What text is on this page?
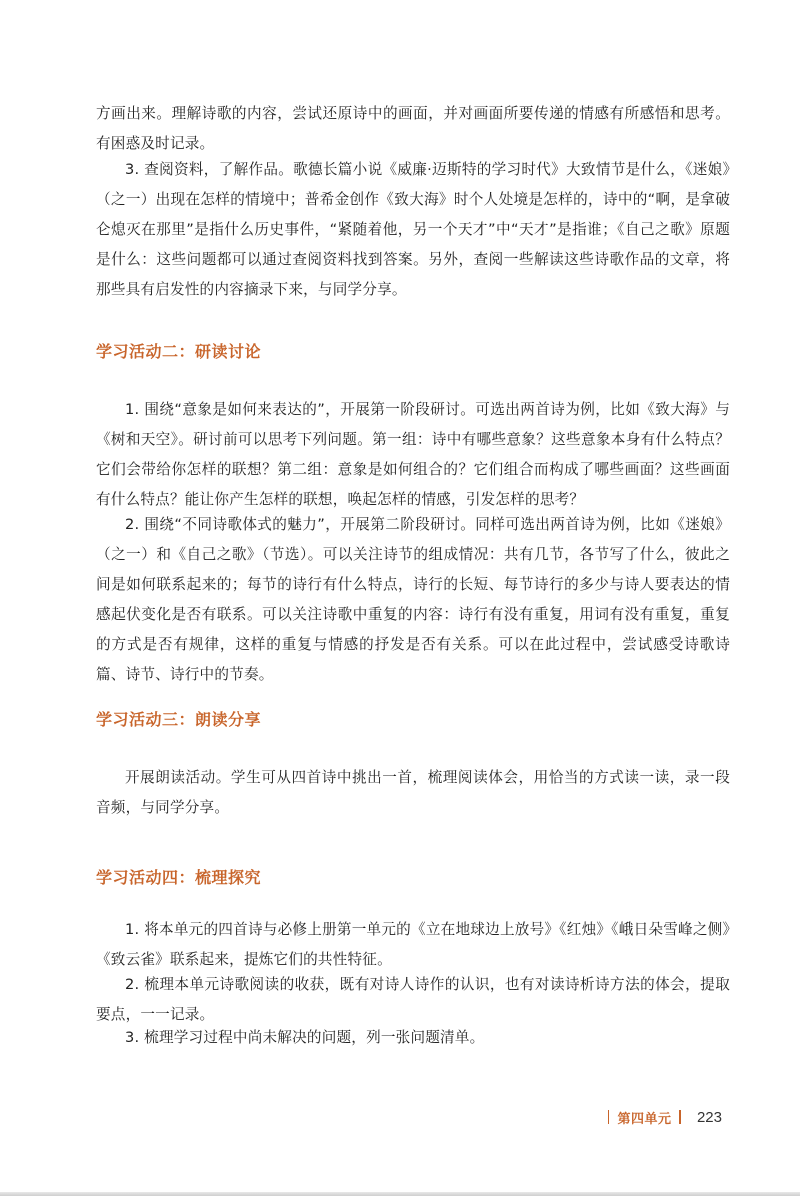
方画出来。理解诗歌的内容，尝试还原诗中的画面，并对画面所要传递的情感有所感悟和思考。有困惑及时记录。

3. 查阅资料，了解作品。歌德长篇小说《威廉·迈斯特的学习时代》大致情节是什么，《迷娘》（之一）出现在怎样的情境中；普希金创作《致大海》时个人处境是怎样的，诗中的“啊，是拿破仑熄灭在那里”是指什么历史事件，“紧随着他，另一个天才”中“天才”是指谁；《自己之歌》原题是什么：这些问题都可以通过查阅资料找到答案。另外，查阅一些解读这些诗歌作品的文章，将那些具有启发性的内容摘录下来，与同学分享。

学习活动二：研读讨论

1. 围绕“意象是如何来表达的”，开展第一阶段研讨。可选出两首诗为例，比如《致大海》与《树和天空》。研讨前可以思考下列问题。第一组：诗中有哪些意象？这些意象本身有什么特点？它们会带给你怎样的联想？第二组：意象是如何组合的？它们组合而构成了哪些画面？这些画面有什么特点？能让你产生怎样的联想，唤起怎样的情感，引发怎样的思考？

2. 围绕“不同诗歌体式的魅力”，开展第二阶段研讨。同样可选出两首诗为例，比如《迷娘》（之一）和《自己之歌》（节选）。可以关注诗节的组成情况：共有几节，各节写了什么，彼此之间是如何联系起来的；每节的诗行有什么特点，诗行的长短、每节诗行的多少与诗人要表达的情感起伏变化是否有联系。可以关注诗歌中重复的内容：诗行有没有重复，用词有没有重复，重复的方式是否有规律，这样的重复与情感的抒发是否有关系。可以在此过程中，尝试感受诗歌诗篇、诗节、诗行中的节奏。

学习活动三：朗读分享

开展朗读活动。学生可从四首诗中挑出一首，梳理阅读体会，用恰当的方式读一读，录一段音频，与同学分享。

学习活动四：梳理探究

1. 将本单元的四首诗与必修上册第一单元的《立在地球边上放号》《红烛》《峨日朵雪峰之侧》《致云雀》联系起来，提炼它们的共性特征。

2. 梳理本单元诗歌阅读的收获，既有对诗人诗作的认识，也有对读诗析诗方法的体会，提取要点，一一记录。

3. 梳理学习过程中尚未解决的问题，列一张问题清单。

第四单元 223
